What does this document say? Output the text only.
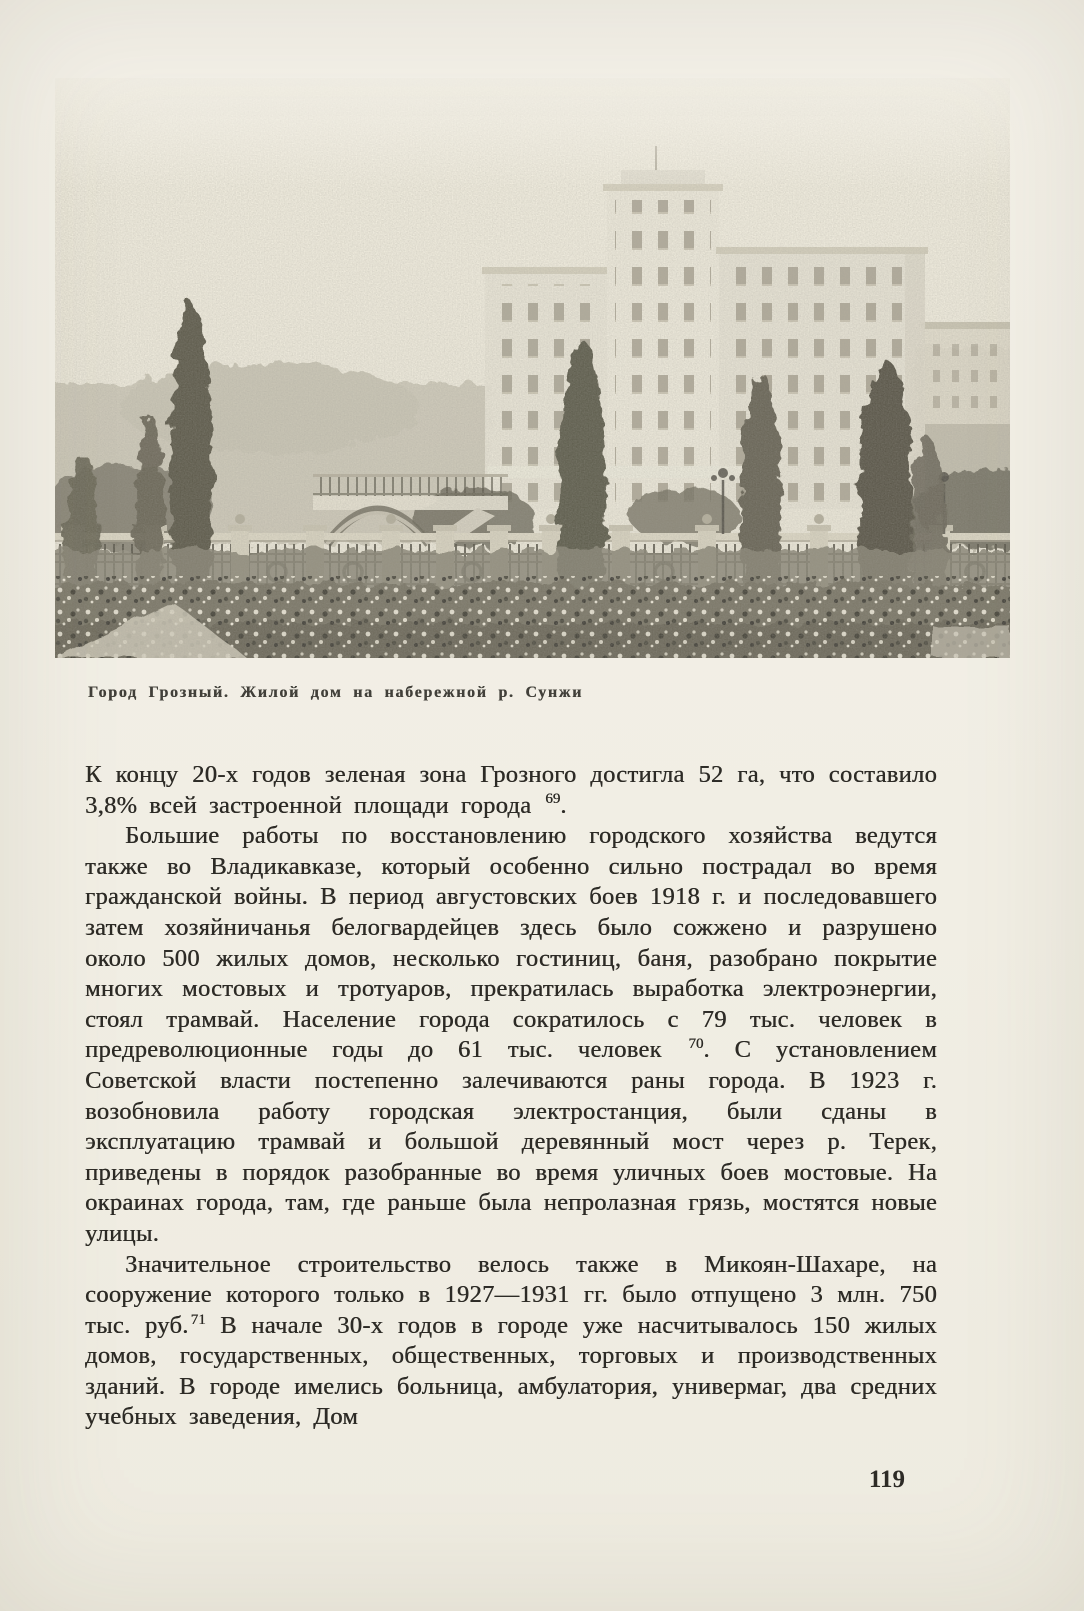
Город Грозный. Жилой дом на набережной р. Сунжи

К концу 20-х годов зеленая зона Грозного достигла 52 га, что составило 3,8% всей застроенной площади города $^{69}$.

Большие работы по восстановлению городского хозяйства ведутся также во Владикавказе, который особенно сильно пострадал во время гражданской войны. В период августовских боев 1918 г. и последовавшего затем хозяйничанья белогвардейцев здесь было сожжено и разрушено около 500 жилых домов, несколько гостиниц, баня, разобрано покрытие многих мостовых и тротуаров, прекратилась выработка электроэнергии, стоял трамвай. Население города сократилось с 79 тыс. человек в предреволюционные годы до 61 тыс. человек $^{70}$. С установлением Советской власти постепенно залечиваются раны города. В 1923 г. возобновила работу городская электростанция, были сданы в эксплуатацию трамвай и большой деревянный мост через р. Терек, приведены в порядок разобранные во время уличных боев мостовые. На окраинах города, там, где раньше была непролазная грязь, мостятся новые улицы.

Значительное строительство велось также в Микоян-Шахаре, на сооружение которого только в 1927—1931 гг. было отпущено 3 млн. 750 тыс. руб. $^{71}$ В начале 30-х годов в городе уже насчитывалось 150 жилых домов, государственных, общественных, торговых и производственных зданий. В городе имелись больница, амбулатория, универмаг, два средних учебных заведения, Дом

119
